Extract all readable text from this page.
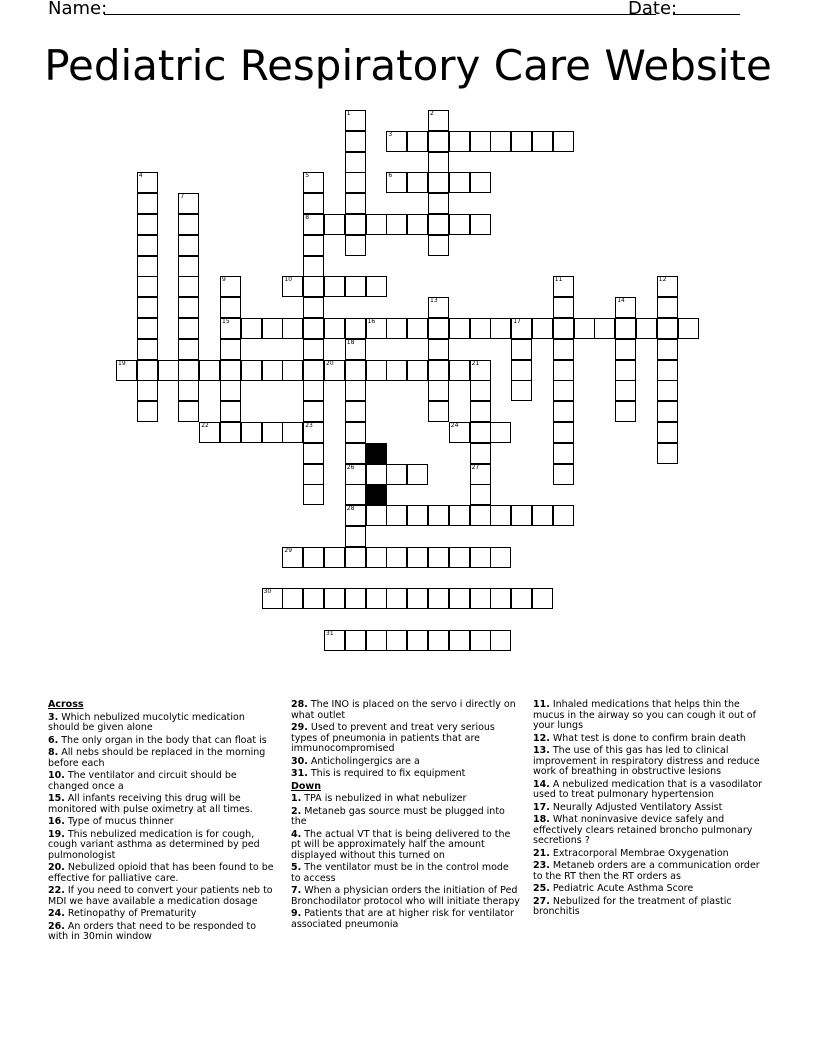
Name:	Date:
Pediatric Respiratory Care Website
3
6
8
10
15	16	17
19	20	21
22	23	24
26
28
29
30
31
1	2
4	5
7
9	11	12
13	14
18
27
25
Across
3. Which nebulized mucolytic medication should be given alone
6. The only organ in the body that can float is
8. All nebs should be replaced in the morning before each
10. The ventilator and circuit should be changed once a
15. All infants receiving this drug will be monitored with pulse oximetry at all times.
16. Type of mucus thinner
19. This nebulized medication is for cough, cough variant asthma as determined by ped pulmonologist
20. Nebulized opioid that has been found to be effective for palliative care.
22. If you need to convert your patients neb to MDI we have available a medication dosage
24. Retinopathy of Prematurity
26. An orders that need to be responded to with in 30min window
28. The INO is placed on the servo i directly on what outlet
29. Used to prevent and treat very serious types of pneumonia in patients that are immunocompromised
30. Anticholingergics are a
31. This is required to fix equipment
Down
1. TPA is nebulized in what nebulizer
2. Metaneb gas source must be plugged into the
4. The actual VT that is being delivered to the pt will be approximately half the amount displayed without this turned on
5. The ventilator must be in the control mode to access
7. When a physician orders the initiation of Ped Bronchodilator protocol who will initiate therapy
9. Patients that are at higher risk for ventilator associated pneumonia
11. Inhaled medications that helps thin the mucus in the airway so you can cough it out of your lungs
12. What test is done to confirm brain death
13. The use of this gas has led to clinical improvement in respiratory distress and reduce work of breathing in obstructive lesions
14. A nebulized medication that is a vasodilator used to treat pulmonary hypertension
17. Neurally Adjusted Ventilatory Assist
18. What noninvasive device safely and effectively clears retained broncho pulmonary secretions ?
21. Extracorporal Membrae Oxygenation
23. Metaneb orders are a communication order to the RT then the RT orders as
25. Pediatric Acute Asthma Score
27. Nebulized for the treatment of plastic bronchitis
